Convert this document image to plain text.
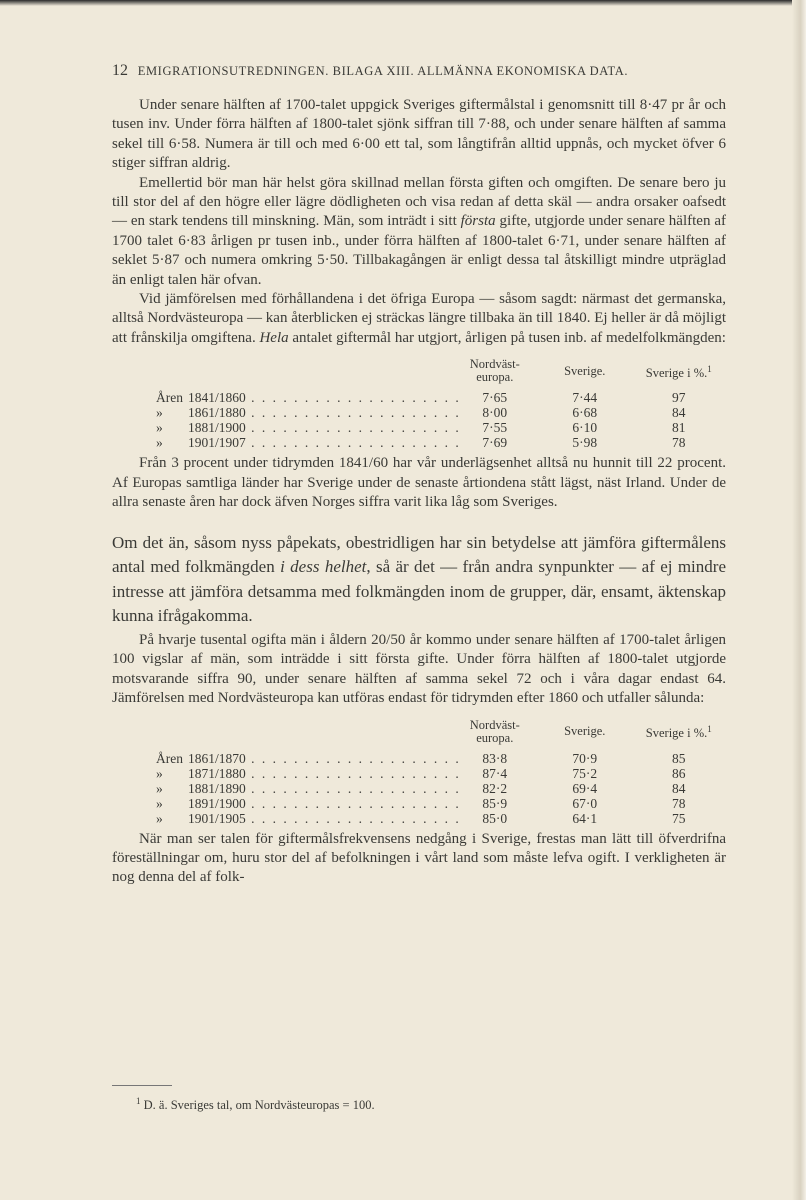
12 EMIGRATIONSUTREDNINGEN. BILAGA XIII. ALLMÄNNA EKONOMISKA DATA.

Under senare hälften af 1700-talet uppgick Sveriges giftermålstal i genomsnitt till 8·47 pr år och tusen inv. Under förra hälften af 1800-talet sjönk siffran till 7·88, och under senare hälften af samma sekel till 6·58. Numera är till och med 6·00 ett tal, som långtifrån alltid uppnås, och mycket öfver 6 stiger siffran aldrig.

Emellertid bör man här helst göra skillnad mellan första giften och omgiften. De senare bero ju till stor del af den högre eller lägre dödligheten och visa redan af detta skäl — andra orsaker oafsedt — en stark tendens till minskning. Män, som inträdt i sitt första gifte, utgjorde under senare hälften af 1700 talet 6·83 årligen pr tusen inb., under förra hälften af 1800-talet 6·71, under senare hälften af seklet 5·87 och numera omkring 5·50. Tillbakagången är enligt dessa tal åtskilligt mindre utpräglad än enligt talen här ofvan.

Vid jämförelsen med förhållandena i det öfriga Europa — såsom sagdt: närmast det germanska, alltså Nordvästeuropa — kan återblicken ej sträckas längre tillbaka än till 1840. Ej heller är då möjligt att frånskilja omgiftena. Hela antalet giftermål har utgjort, årligen på tusen inb. af medelfolkmängden:

	Nordväst-europa.	Sverige.	Sverige i %.$^1$
Åren 1841/1860 . . . . . . . . . . . . . . . . . . . .	7·65	7·44	97
» 1861/1880 . . . . . . . . . . . . . . . . . . . .	8·00	6·68	84
» 1881/1900 . . . . . . . . . . . . . . . . . . . .	7·55	6·10	81
» 1901/1907 . . . . . . . . . . . . . . . . . . . .	7·69	5·98	78

Från 3 procent under tidrymden 1841/60 har vår underlägsenhet alltså nu hunnit till 22 procent. Af Europas samtliga länder har Sverige under de senaste årtiondena stått lägst, näst Irland. Under de allra senaste åren har dock äfven Norges siffra varit lika låg som Sveriges.

Om det än, såsom nyss påpekats, obestridligen har sin betydelse att jämföra giftermålens antal med folkmängden i dess helhet, så är det — från andra synpunkter — af ej mindre intresse att jämföra detsamma med folkmängden inom de grupper, där, ensamt, äktenskap kunna ifrågakomma.

På hvarje tusental ogifta män i åldern 20/50 år kommo under senare hälften af 1700-talet årligen 100 vigslar af män, som inträdde i sitt första gifte. Under förra hälften af 1800-talet utgjorde motsvarande siffra 90, under senare hälften af samma sekel 72 och i våra dagar endast 64. Jämförelsen med Nordvästeuropa kan utföras endast för tidrymden efter 1860 och utfaller sålunda:

	Nordväst-europa.	Sverige.	Sverige i %.$^1$
Åren 1861/1870 . . . . . . . . . . . . . . . . . . . .	83·8	70·9	85
» 1871/1880 . . . . . . . . . . . . . . . . . . . .	87·4	75·2	86
» 1881/1890 . . . . . . . . . . . . . . . . . . . .	82·2	69·4	84
» 1891/1900 . . . . . . . . . . . . . . . . . . . .	85·9	67·0	78
» 1901/1905 . . . . . . . . . . . . . . . . . . . .	85·0	64·1	75

När man ser talen för giftermålsfrekvensens nedgång i Sverige, frestas man lätt till öfverdrifna föreställningar om, huru stor del af befolkningen i vårt land som måste lefva ogift. I verkligheten är nog denna del af folk-

$^1$ D. ä. Sveriges tal, om Nordvästeuropas = 100.
